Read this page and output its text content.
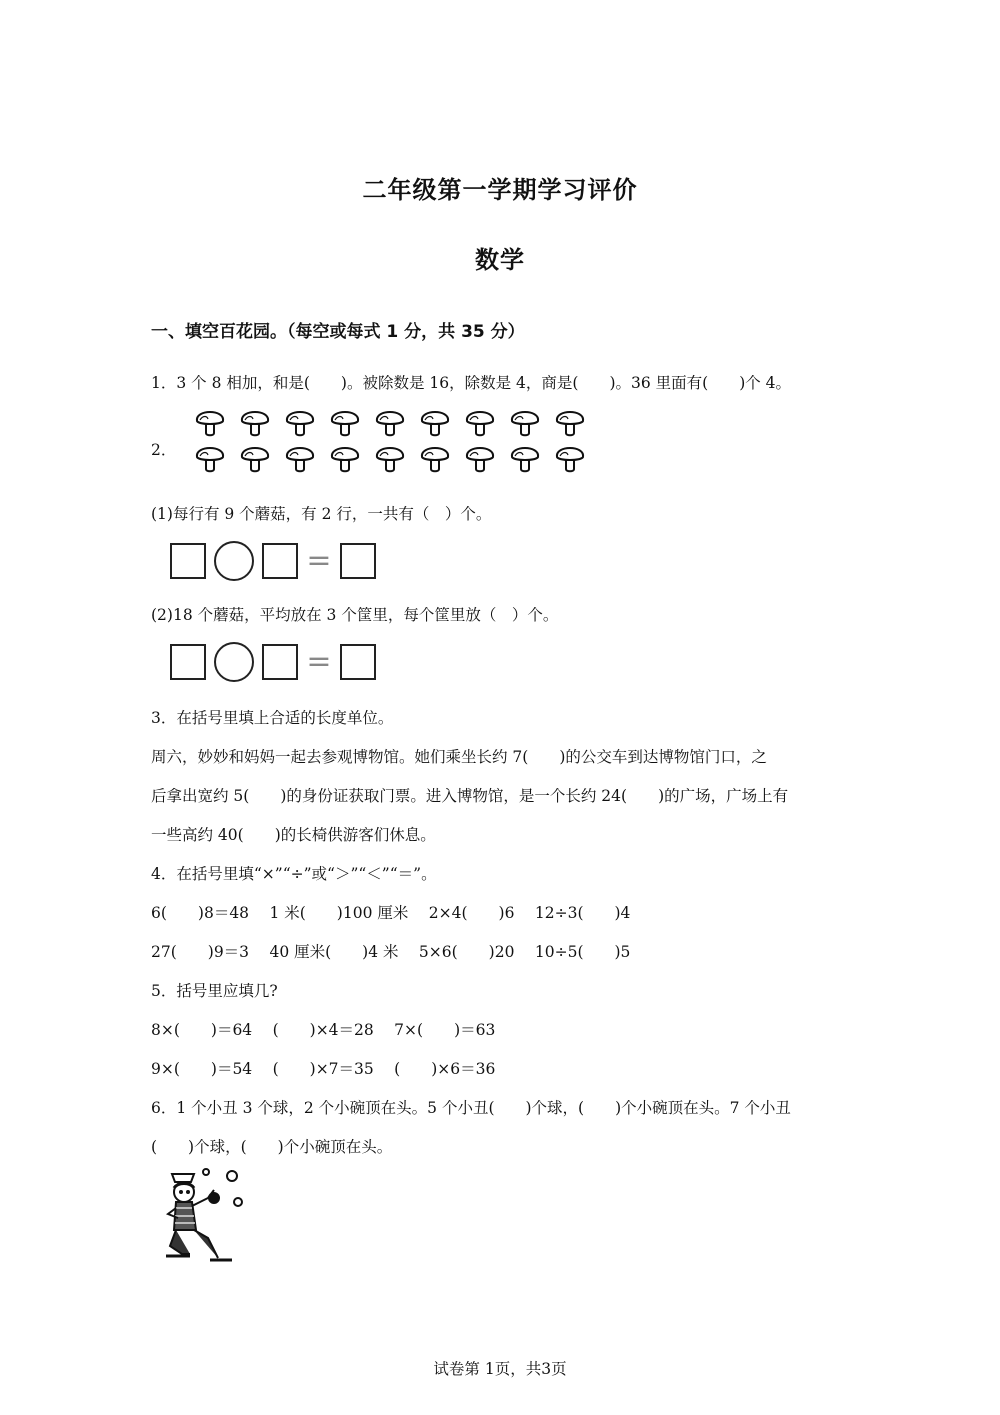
二年级第一学期学习评价
数学
一、填空百花园。（每空或每式 1 分，共 35 分）
1．3 个 8 相加，和是(　　)。被除数是 16，除数是 4，商是(　　)。36 里面有(　　)个 4。
2．
(1)每行有 9 个蘑菇，有 2 行，一共有（　）个。
=
(2)18 个蘑菇，平均放在 3 个筐里，每个筐里放（　）个。
=
3．在括号里填上合适的长度单位。
周六，妙妙和妈妈一起去参观博物馆。她们乘坐长约 7(　　)的公交车到达博物馆门口，之
后拿出宽约 5(　　)的身份证获取门票。进入博物馆，是一个长约 24(　　)的广场，广场上有
一些高约 40(　　)的长椅供游客们休息。
4．在括号里填“×”“÷”或“＞”“＜”“＝”。
6(　　)8＝48　 1 米(　　)100 厘米　 2×4(　　)6　 12÷3(　　)4
27(　　)9＝3　 40 厘米(　　)4 米　 5×6(　　)20　 10÷5(　　)5
5．括号里应填几?
8×(　　)＝64　 (　　)×4＝28　 7×(　　)＝63
9×(　　)＝54　 (　　)×7＝35　 (　　)×6＝36
6．1 个小丑 3 个球，2 个小碗顶在头。5 个小丑(　　)个球，(　　)个小碗顶在头。7 个小丑
(　　)个球，(　　)个小碗顶在头。
试卷第 1页，共3页
